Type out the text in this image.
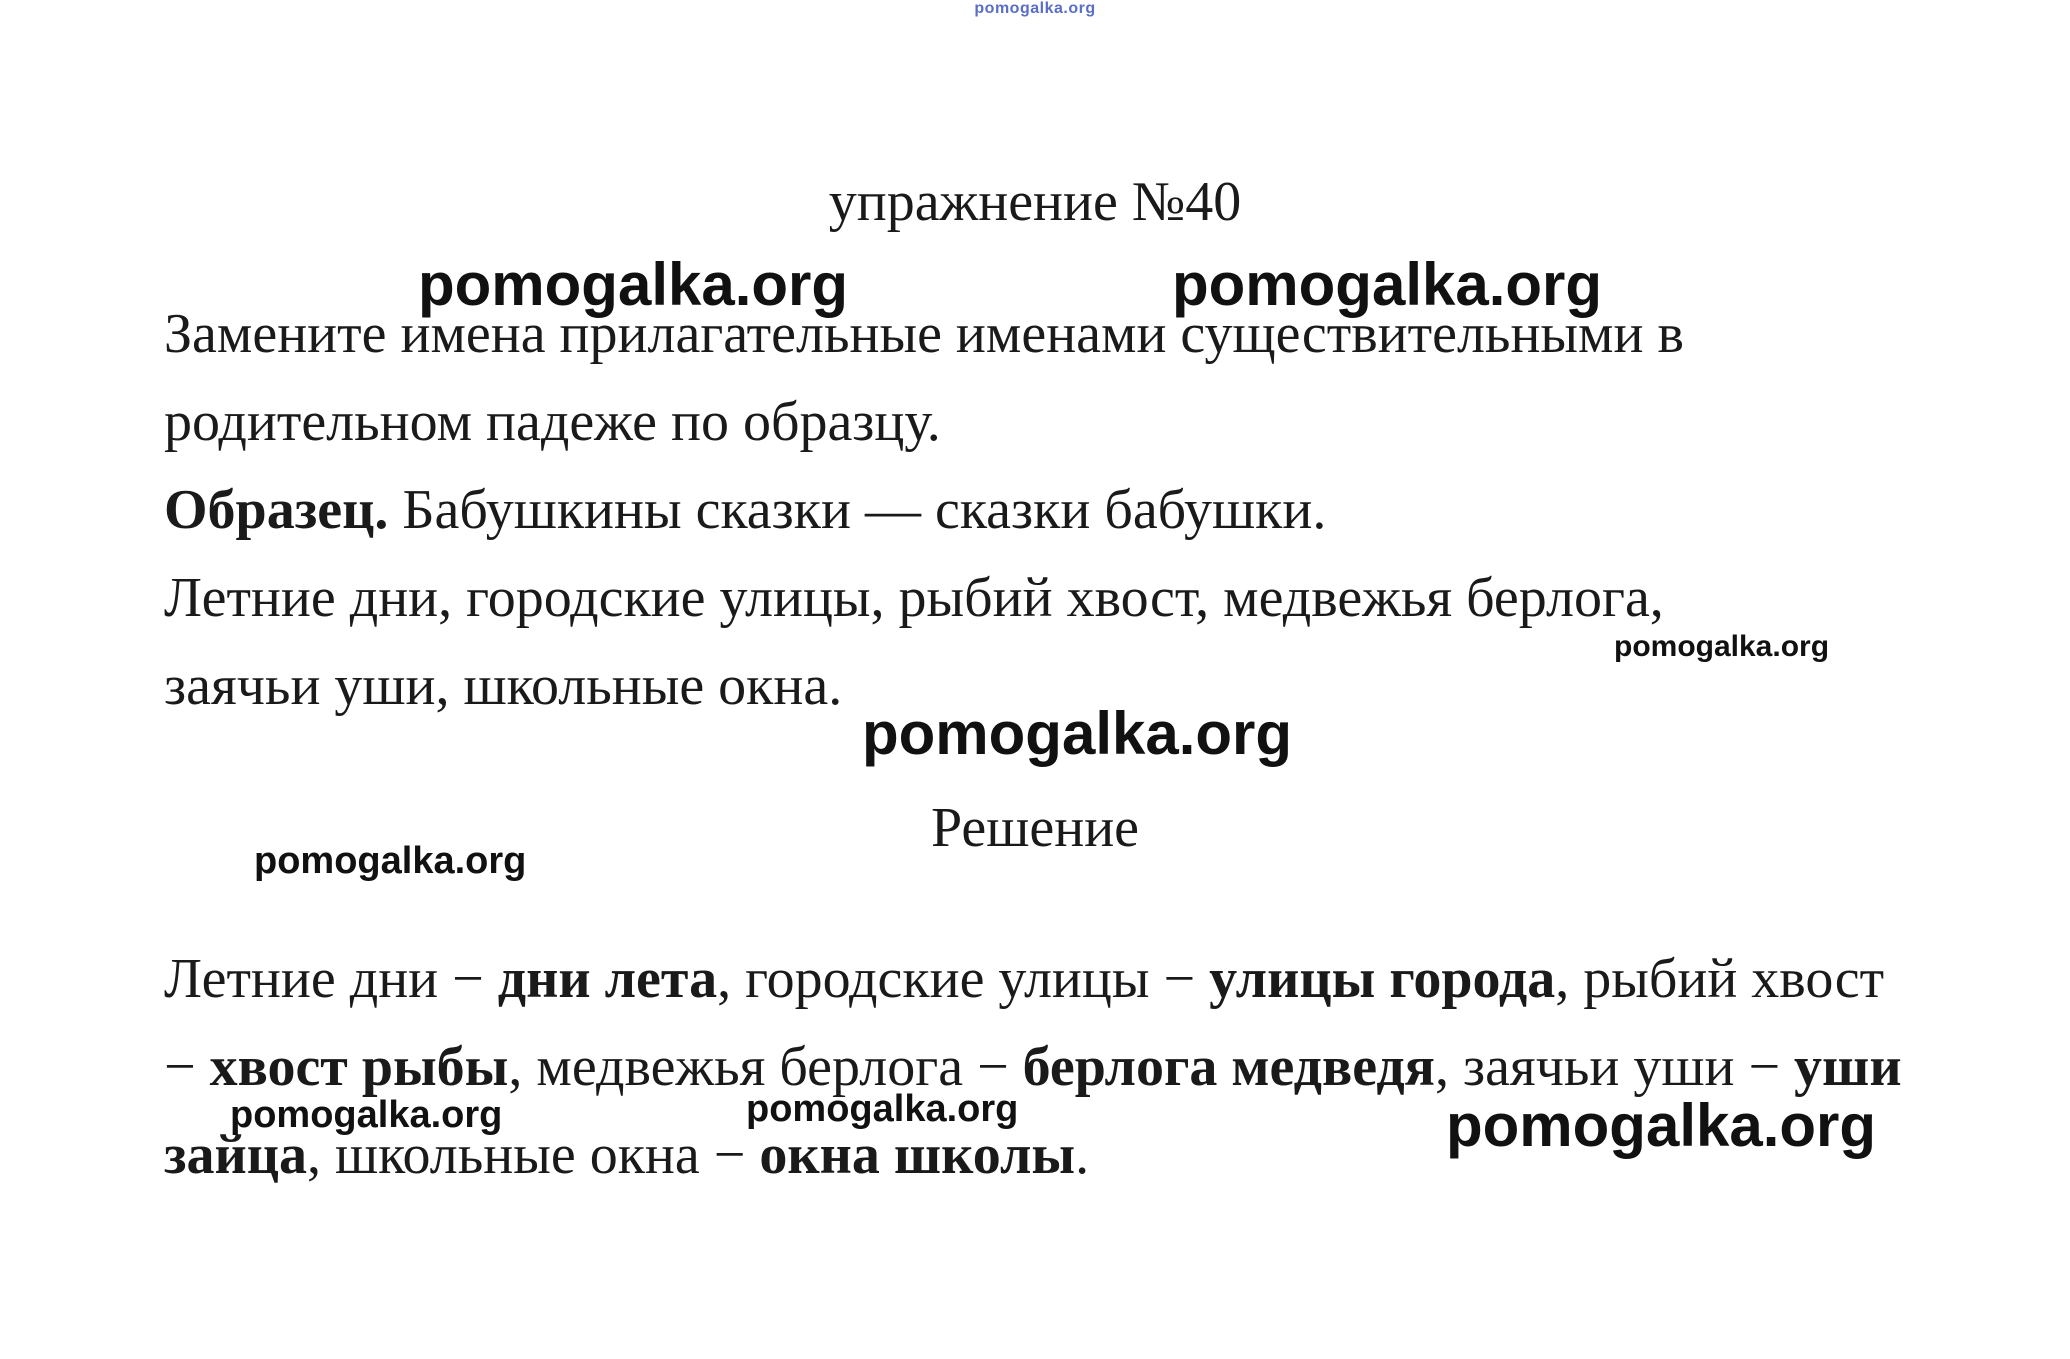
pomogalka.org
упражнение №40

Замените имена прилагательные именами существительными в

родительном падеже по образцу.

Образец. Бабушкины сказки — сказки бабушки.

Летние дни, городские улицы, рыбий хвост, медвежья берлога,

заячьи уши, школьные окна.

Решение

Летние дни − дни лета, городские улицы − улицы города, рыбий хвост − хвост рыбы, медвежья берлога − берлога медведя, заячьи уши − уши зайца, школьные окна − окна школы.

pomogalka.org	pomogalka.org
pomogalka.org
pomogalka.org
pomogalka.org
pomogalka.org	pomogalka.org	pomogalka.org
